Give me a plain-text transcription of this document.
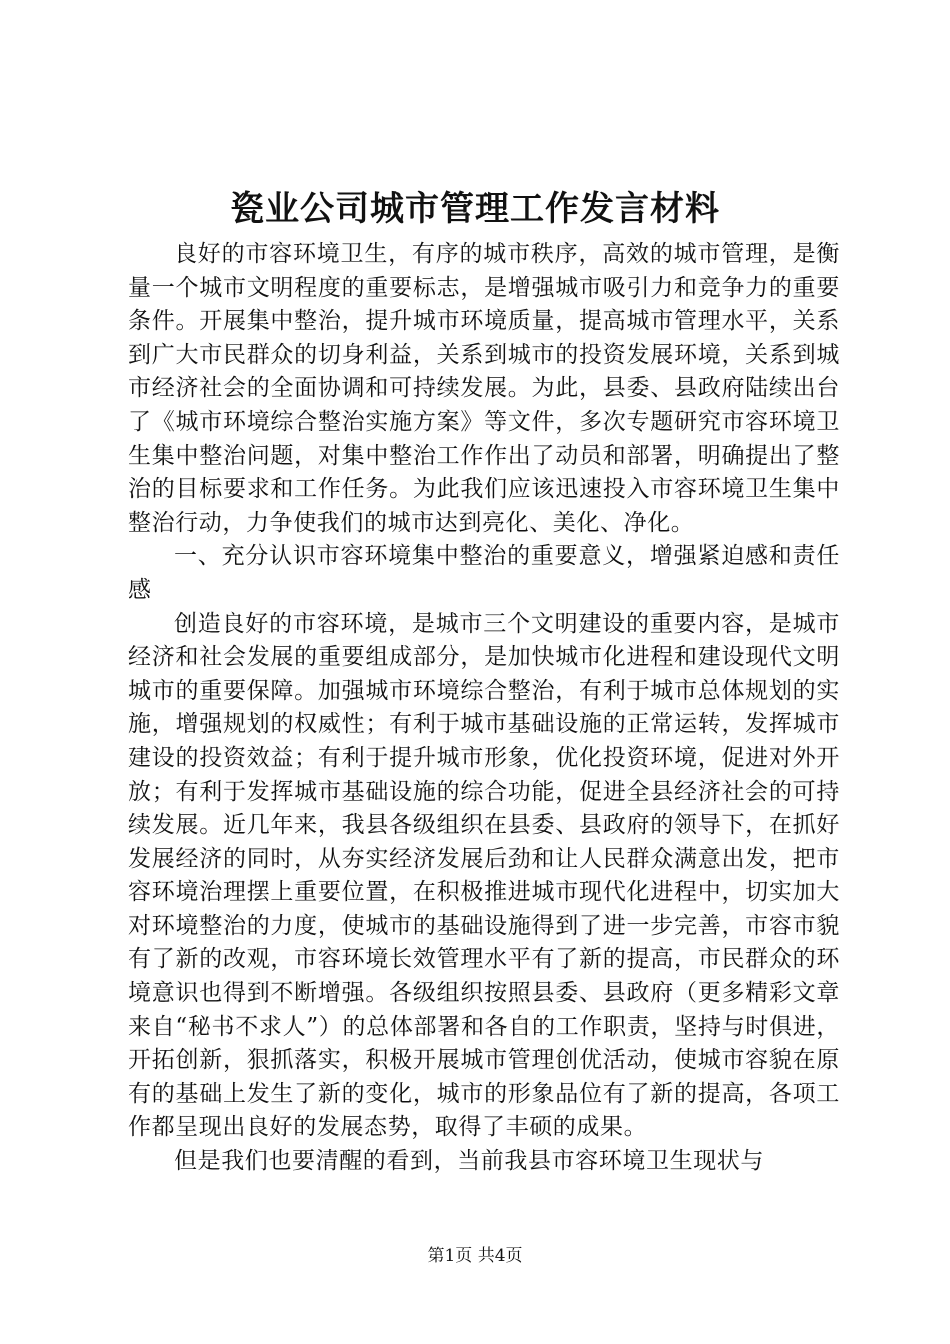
瓷业公司城市管理工作发言材料

良好的市容环境卫生，有序的城市秩序，高效的城市管理，是衡量一个城市文明程度的重要标志，是增强城市吸引力和竞争力的重要条件。开展集中整治，提升城市环境质量，提高城市管理水平，关系到广大市民群众的切身利益，关系到城市的投资发展环境，关系到城市经济社会的全面协调和可持续发展。为此，县委、县政府陆续出台了《城市环境综合整治实施方案》等文件，多次专题研究市容环境卫生集中整治问题，对集中整治工作作出了动员和部署，明确提出了整治的目标要求和工作任务。为此我们应该迅速投入市容环境卫生集中整治行动，力争使我们的城市达到亮化、美化、净化。

一、充分认识市容环境集中整治的重要意义，增强紧迫感和责任感

创造良好的市容环境，是城市三个文明建设的重要内容，是城市经济和社会发展的重要组成部分，是加快城市化进程和建设现代文明城市的重要保障。加强城市环境综合整治，有利于城市总体规划的实施，增强规划的权威性；有利于城市基础设施的正常运转，发挥城市建设的投资效益；有利于提升城市形象，优化投资环境，促进对外开放；有利于发挥城市基础设施的综合功能，促进全县经济社会的可持续发展。近几年来，我县各级组织在县委、县政府的领导下，在抓好发展经济的同时，从夯实经济发展后劲和让人民群众满意出发，把市容环境治理摆上重要位置，在积极推进城市现代化进程中，切实加大对环境整治的力度，使城市的基础设施得到了进一步完善，市容市貌有了新的改观，市容环境长效管理水平有了新的提高，市民群众的环境意识也得到不断增强。各级组织按照县委、县政府（更多精彩文章来自“秘书不求人”）的总体部署和各自的工作职责，坚持与时俱进，开拓创新，狠抓落实，积极开展城市管理创优活动，使城市容貌在原有的基础上发生了新的变化，城市的形象品位有了新的提高，各项工作都呈现出良好的发展态势，取得了丰硕的成果。

但是我们也要清醒的看到，当前我县市容环境卫生现状与

第1页 共4页
